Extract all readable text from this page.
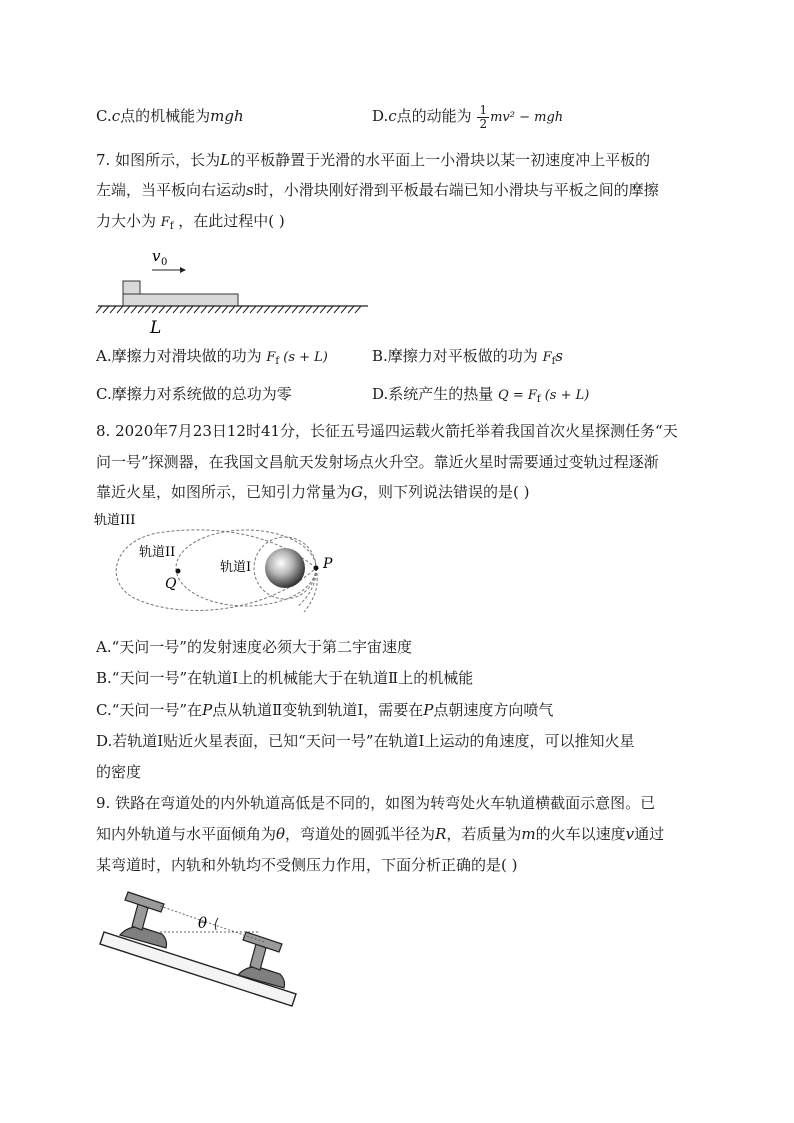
C.c点的机械能为mgh	D.c点的动能为 $\frac{1}{2} mv^2$ − mgh
7. 如图所示，长为L的平板静置于光滑的水平面上一小滑块以某一初速度冲上平板的
左端，当平板向右运动s时，小滑块刚好滑到平板最右端已知小滑块与平板之间的摩擦
力大小为 $F_f$ ，在此过程中( )
v 0
L
A.摩擦力对滑块做的功为 $F_f$ (s + L)	B.摩擦力对平板做的功为 $F_fs$
C.摩擦力对系统做的总功为零	D.系统产生的热量 $Q = F_f$ (s + L)
8. 2020年7月23日12时41分，长征五号遥四运载火箭托举着我国首次火星探测任务“天
问一号”探测器，在我国文昌航天发射场点火升空。靠近火星时需要通过变轨过程逐渐
靠近火星，如图所示，已知引力常量为G，则下列说法错误的是( )
轨道III
轨道II
轨道I	P
Q
A.“天问一号”的发射速度必须大于第二宇宙速度
B.“天问一号”在轨道Ⅰ上的机械能大于在轨道Ⅱ上的机械能
C.“天问一号”在P点从轨道Ⅱ变轨到轨道Ⅰ，需要在P点朝速度方向喷气
D.若轨道Ⅰ贴近火星表面，已知“天问一号”在轨道Ⅰ上运动的角速度，可以推知火星
的密度
9. 铁路在弯道处的内外轨道高低是不同的，如图为转弯处火车轨道横截面示意图。已
知内外轨道与水平面倾角为θ，弯道处的圆弧半径为R，若质量为m的火车以速度v通过
某弯道时，内轨和外轨均不受侧压力作用，下面分析正确的是( )
θ
